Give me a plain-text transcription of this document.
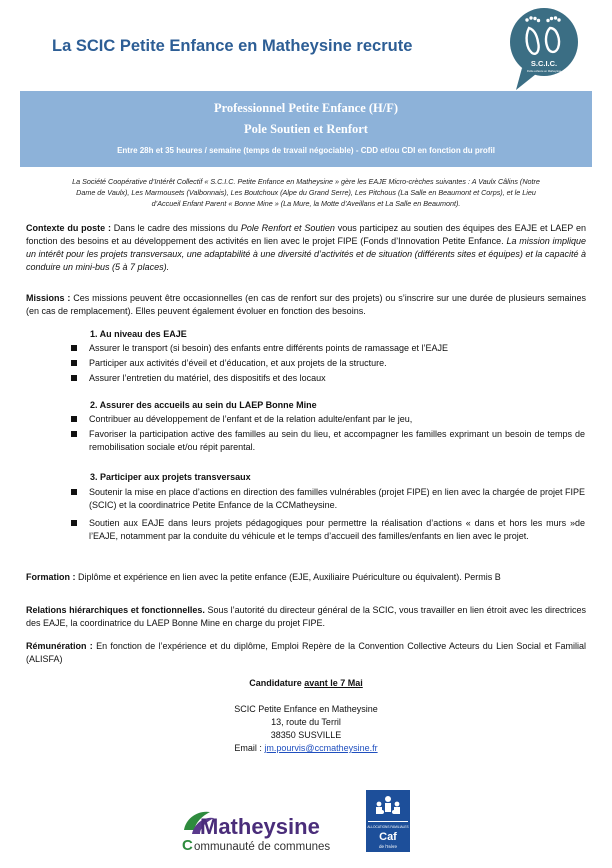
La SCIC Petite Enfance en Matheysine recrute
S.C.I.C.
Petite enfance en Matheysine
Professionnel Petite Enfance (H/F)
Pole Soutien et Renfort
Entre 28h et 35 heures / semaine (temps de travail négociable) - CDD et/ou CDI en fonction du profil
La Société Coopérative d’Intérêt Collectif « S.C.I.C. Petite Enfance en Matheysine » gère les EAJE Micro-crèches suivantes : A Vaulx Câlins (Notre
Dame de Vaulx), Les Marmousets (Valbonnais), Les Boutchoux (Alpe du Grand Serre), Les Pitchous (La Salle en Beaumont et Corps), et le Lieu
d’Accueil Enfant Parent « Bonne Mine » (La Mure, la Motte d’Aveillans et La Salle en Beaumont).
Contexte du poste : Dans le cadre des missions du Pole Renfort et Soutien vous participez au soutien des équipes des EAJE et LAEP en fonction des besoins et au développement des activités en lien avec le projet FIPE (Fonds d’Innovation Petite Enfance. La mission implique un intérêt pour les projets transversaux, une adaptabilité à une diversité d’activités et de situation (différents sites et équipes) et la capacité à conduire un mini-bus (5 à 7 places).
Missions : Ces missions peuvent être occasionnelles (en cas de renfort sur des projets) ou s’inscrire sur une durée de plusieurs semaines (en cas de remplacement). Elles peuvent également évoluer en fonction des besoins.
1. Au niveau des EAJE
Assurer le transport (si besoin) des enfants entre différents points de ramassage et l’EAJE
Participer aux activités d’éveil et d’éducation, et aux projets de la structure.
Assurer l’entretien du matériel, des dispositifs et des locaux
2. Assurer des accueils au sein du LAEP Bonne Mine
Contribuer au développement de l’enfant et de la relation adulte/enfant par le jeu,
Favoriser la participation active des familles au sein du lieu, et accompagner les familles exprimant un besoin de temps de remobilisation sociale et/ou répit parental.
3. Participer aux projets transversaux
Soutenir la mise en place d’actions en direction des familles vulnérables (projet FIPE) en lien avec la chargée de projet FIPE (SCIC) et la coordinatrice Petite Enfance de la CCMatheysine.
Soutien aux EAJE dans leurs projets pédagogiques pour permettre la réalisation d’actions « dans et hors les murs »de l’EAJE, notamment par la conduite du véhicule et le temps d’accueil des familles/enfants en lien avec le projet.
Formation : Diplôme et expérience en lien avec la petite enfance (EJE, Auxiliaire Puériculture ou équivalent). Permis B
Relations hiérarchiques et fonctionnelles. Sous l’autorité du directeur général de la SCIC, vous travailler en lien étroit avec les directrices des EAJE, la coordinatrice du LAEP Bonne Mine en charge du projet FIPE.
Rémunération : En fonction de l’expérience et du diplôme, Emploi Repère de la Convention Collective Acteurs du Lien Social et Familial (ALISFA)
Candidature avant le 7 Mai
SCIC Petite Enfance en Matheysine
13, route du Terril
38350 SUSVILLE
Email : jm.pourvis@ccmatheysine.fr
Matheysine
C ommunauté de communes
ALLOCATIONS FAMILIALES
Caf
de l'Isère
